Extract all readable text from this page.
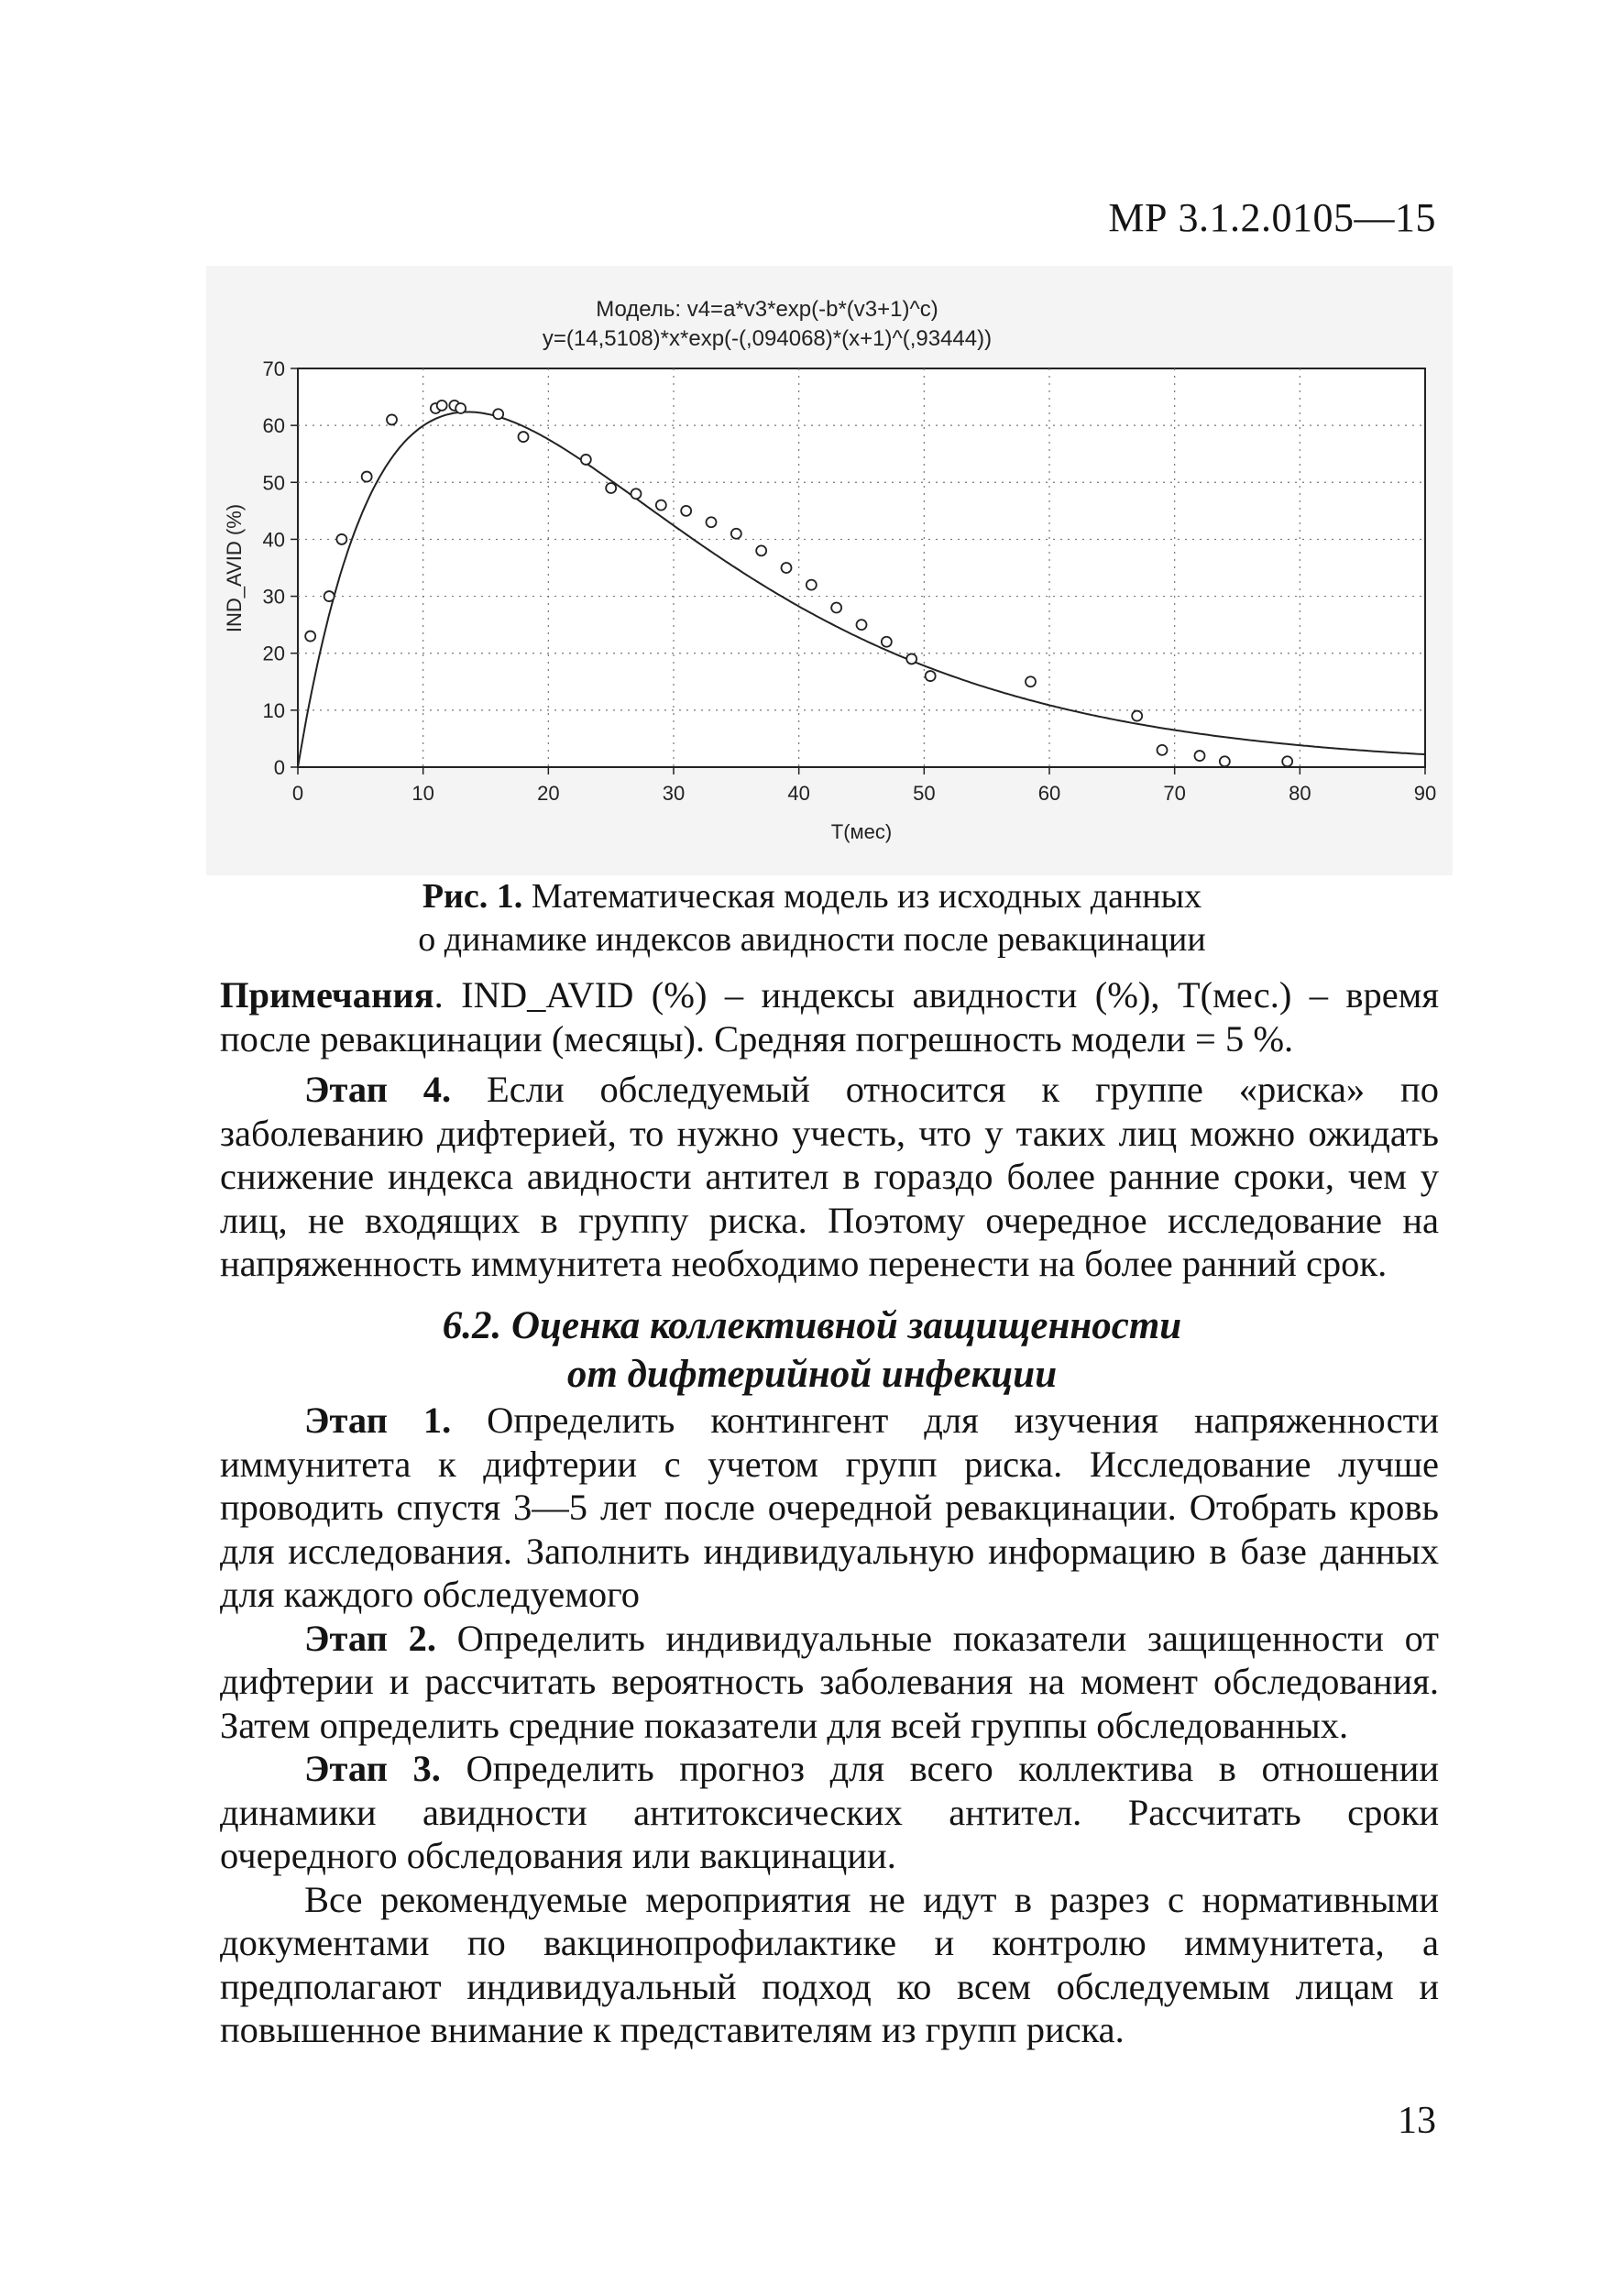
МР 3.1.2.0105—15
Модель: v4=a*v3*exp(-b*(v3+1)^c)
y=(14,5108)*x*exp(-(,094068)*(x+1)^(,93444))
0	10	20	30	40	50	60	70	80	90
0
10
20
30
40
50
60
70
T(мес)
IND_AVID (%)
Рис. 1. Математическая модель из исходных данных
о динамике индексов авидности после ревакцинации

Примечания. IND_AVID (%) – индексы авидности (%), T(мес.) – время после ревакцинации (месяцы). Средняя погрешность модели = 5 %.

Этап 4. Если обследуемый относится к группе «риска» по заболеванию дифтерией, то нужно учесть, что у таких лиц можно ожидать снижение индекса авидности антител в гораздо более ранние сроки, чем у лиц, не входящих в группу риска. Поэтому очередное исследование на напряженность иммунитета необходимо перенести на более ранний срок.

6.2. Оценка коллективной защищенности
от дифтерийной инфекции

Этап 1. Определить контингент для изучения напряженности иммунитета к дифтерии с учетом групп риска. Исследование лучше проводить спустя 3—5 лет после очередной ревакцинации. Отобрать кровь для исследования. Заполнить индивидуальную информацию в базе данных для каждого обследуемого

Этап 2. Определить индивидуальные показатели защищенности от дифтерии и рассчитать вероятность заболевания на момент обследования. Затем определить средние показатели для всей группы обследованных.

Этап 3. Определить прогноз для всего коллектива в отношении динамики авидности антитоксических антител. Рассчитать сроки очередного обследования или вакцинации.

Все рекомендуемые мероприятия не идут в разрез с нормативными документами по вакцинопрофилактике и контролю иммунитета, а предполагают индивидуальный подход ко всем обследуемым лицам и повышенное внимание к представителям из групп риска.

13
